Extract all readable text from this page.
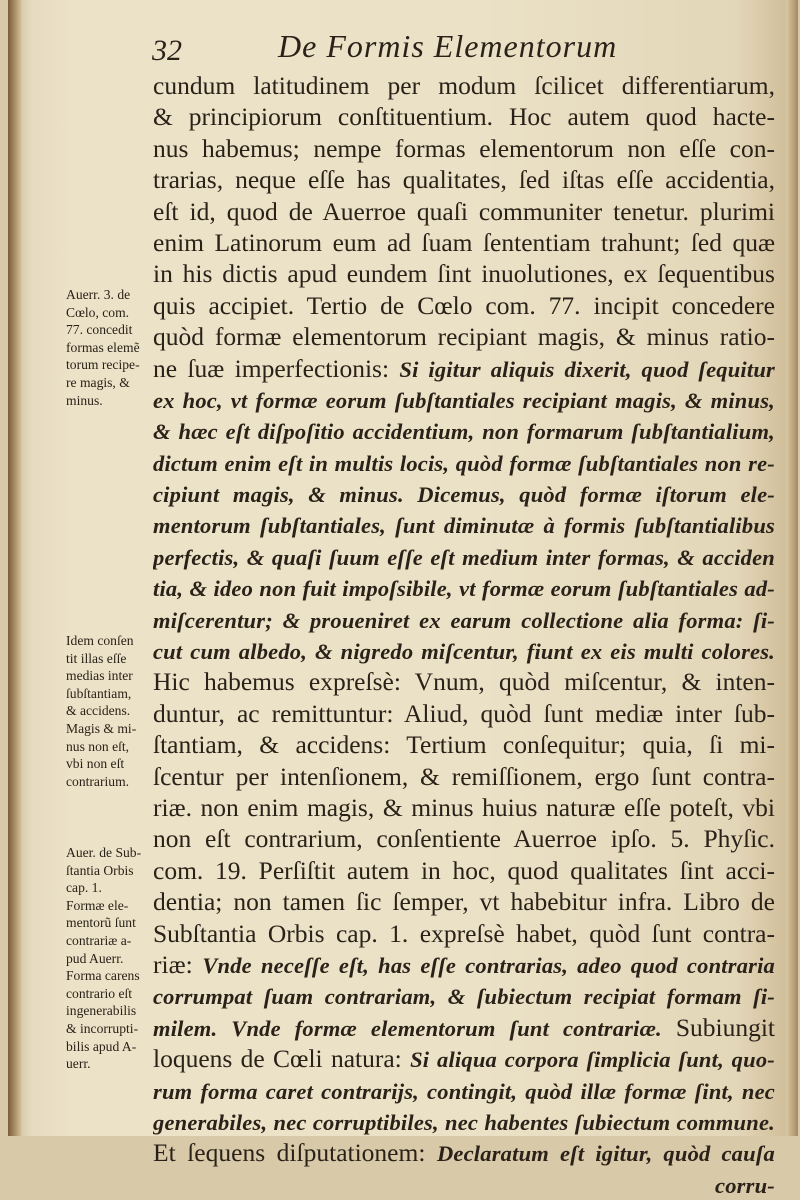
32	De Formis Elementorum
cundum latitudinem per modum ſcilicet differentiarum,
& principiorum conſtituentium. Hoc autem quod hacte-
nus habemus; nempe formas elementorum non eſſe con-
trarias, neque eſſe has qualitates, ſed iſtas eſſe accidentia,
eſt id, quod de Auerroe quaſi communiter tenetur. plurimi
enim Latinorum eum ad ſuam ſententiam trahunt; ſed quæ
in his dictis apud eundem ſint inuolutiones, ex ſequentibus
quis accipiet. Tertio de Cœlo com. 77. incipit concedere
quòd formæ elementorum recipiant magis, & minus ratio-
ne ſuæ imperfectionis: Si igitur aliquis dixerit, quod ſequitur
ex hoc, vt formæ eorum ſubſtantiales recipiant magis, & minus,
& hæc eſt diſpoſitio accidentium, non formarum ſubſtantialium,
dictum enim eſt in multis locis, quòd formæ ſubſtantiales non re-
cipiunt magis, & minus. Dicemus, quòd formæ iſtorum ele-
mentorum ſubſtantiales, ſunt diminutæ à formis ſubſtantialibus
perfectis, & quaſi ſuum eſſe eſt medium inter formas, & acciden
tia, & ideo non fuit impoſsibile, vt formæ eorum ſubſtantiales ad-
miſcerentur; & proueniret ex earum collectione alia forma: ſi-
cut cum albedo, & nigredo miſcentur, fiunt ex eis multi colores.
Hic habemus expreſsè: Vnum, quòd miſcentur, & inten-
duntur, ac remittuntur: Aliud, quòd ſunt mediæ inter ſub-
ſtantiam, & accidens: Tertium conſequitur; quia, ſi mi-
ſcentur per intenſionem, & remiſſionem, ergo ſunt contra-
riæ. non enim magis, & minus huius naturæ eſſe poteſt, vbi
non eſt contrarium, conſentiente Auerroe ipſo. 5. Phyſic.
com. 19. Perſiſtit autem in hoc, quod qualitates ſint acci-
dentia; non tamen ſic ſemper, vt habebitur infra. Libro de
Subſtantia Orbis cap. 1. expreſsè habet, quòd ſunt contra-
riæ: Vnde neceſſe eſt, has eſſe contrarias, adeo quod contraria
corrumpat ſuam contrariam, & ſubiectum recipiat formam ſi-
milem. Vnde formæ elementorum ſunt contrariæ. Subiungit
loquens de Cœli natura: Si aliqua corpora ſimplicia ſunt, quo-
rum forma caret contrarijs, contingit, quòd illæ formæ ſint, nec
generabiles, nec corruptibiles, nec habentes ſubiectum commune.
Et ſequens diſputationem: Declaratum eſt igitur, quòd cauſa
corru-
Auerr. 3. de
Cœlo, com.
77. concedit
formas elemẽ
torum recipe-
re magis, &
minus.
Idem conſen
tit illas eſſe
medias inter
ſubſtantiam,
& accidens.
Magis & mi-
nus non eſt,
vbi non eſt
contrarium.
Auer. de Sub-
ſtantia Orbis
cap. 1.
Formæ ele-
mentorũ ſunt
contrariæ a-
pud Auerr.
Forma carens
contrario eſt
ingenerabilis
& incorrupti-
bilis apud A-
uerr.
